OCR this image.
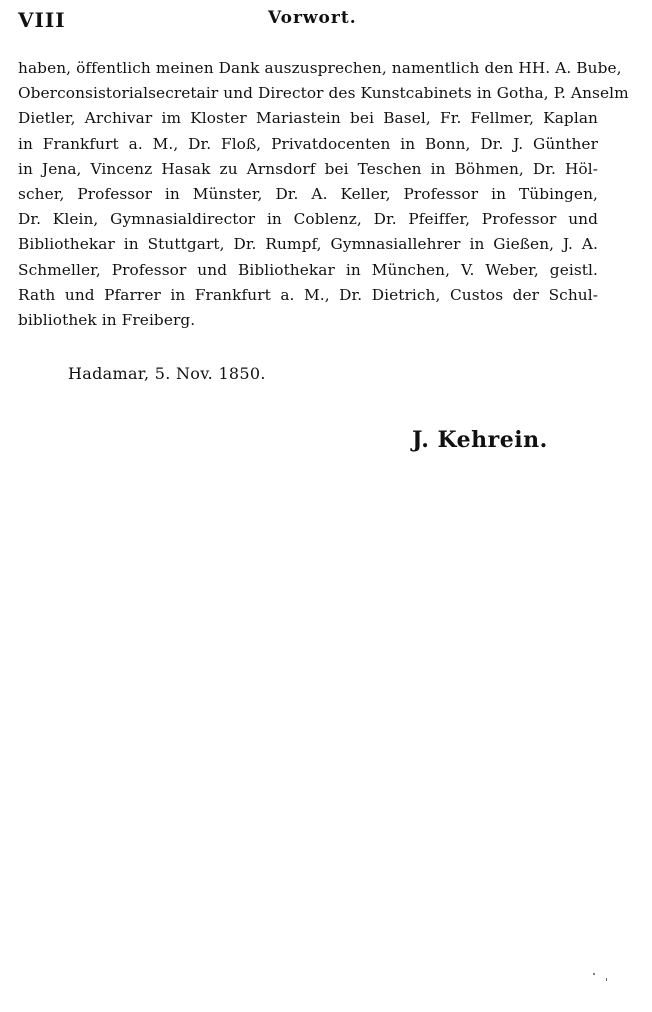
VIII	Vorwort.
haben, öffentlich meinen Dank auszusprechen, namentlich den HH. A. Bube,
Oberconsistorialsecretair und Director des Kunstcabinets in Gotha, P. Anselm
Dietler, Archivar im Kloster Mariastein bei Basel, Fr. Fellmer, Kaplan
in Frankfurt a. M., Dr. Floß, Privatdocenten in Bonn, Dr. J. Günther
in Jena, Vincenz Hasak zu Arnsdorf bei Teschen in Böhmen, Dr. Höl-
scher, Professor in Münster, Dr. A. Keller, Professor in Tübingen,
Dr. Klein, Gymnasialdirector in Coblenz, Dr. Pfeiffer, Professor und
Bibliothekar in Stuttgart, Dr. Rumpf, Gymnasiallehrer in Gießen, J. A.
Schmeller, Professor und Bibliothekar in München, V. Weber, geistl.
Rath und Pfarrer in Frankfurt a. M., Dr. Dietrich, Custos der Schul-
bibliothek in Freiberg.
Hadamar, 5. Nov. 1850.
J. Kehrein.
